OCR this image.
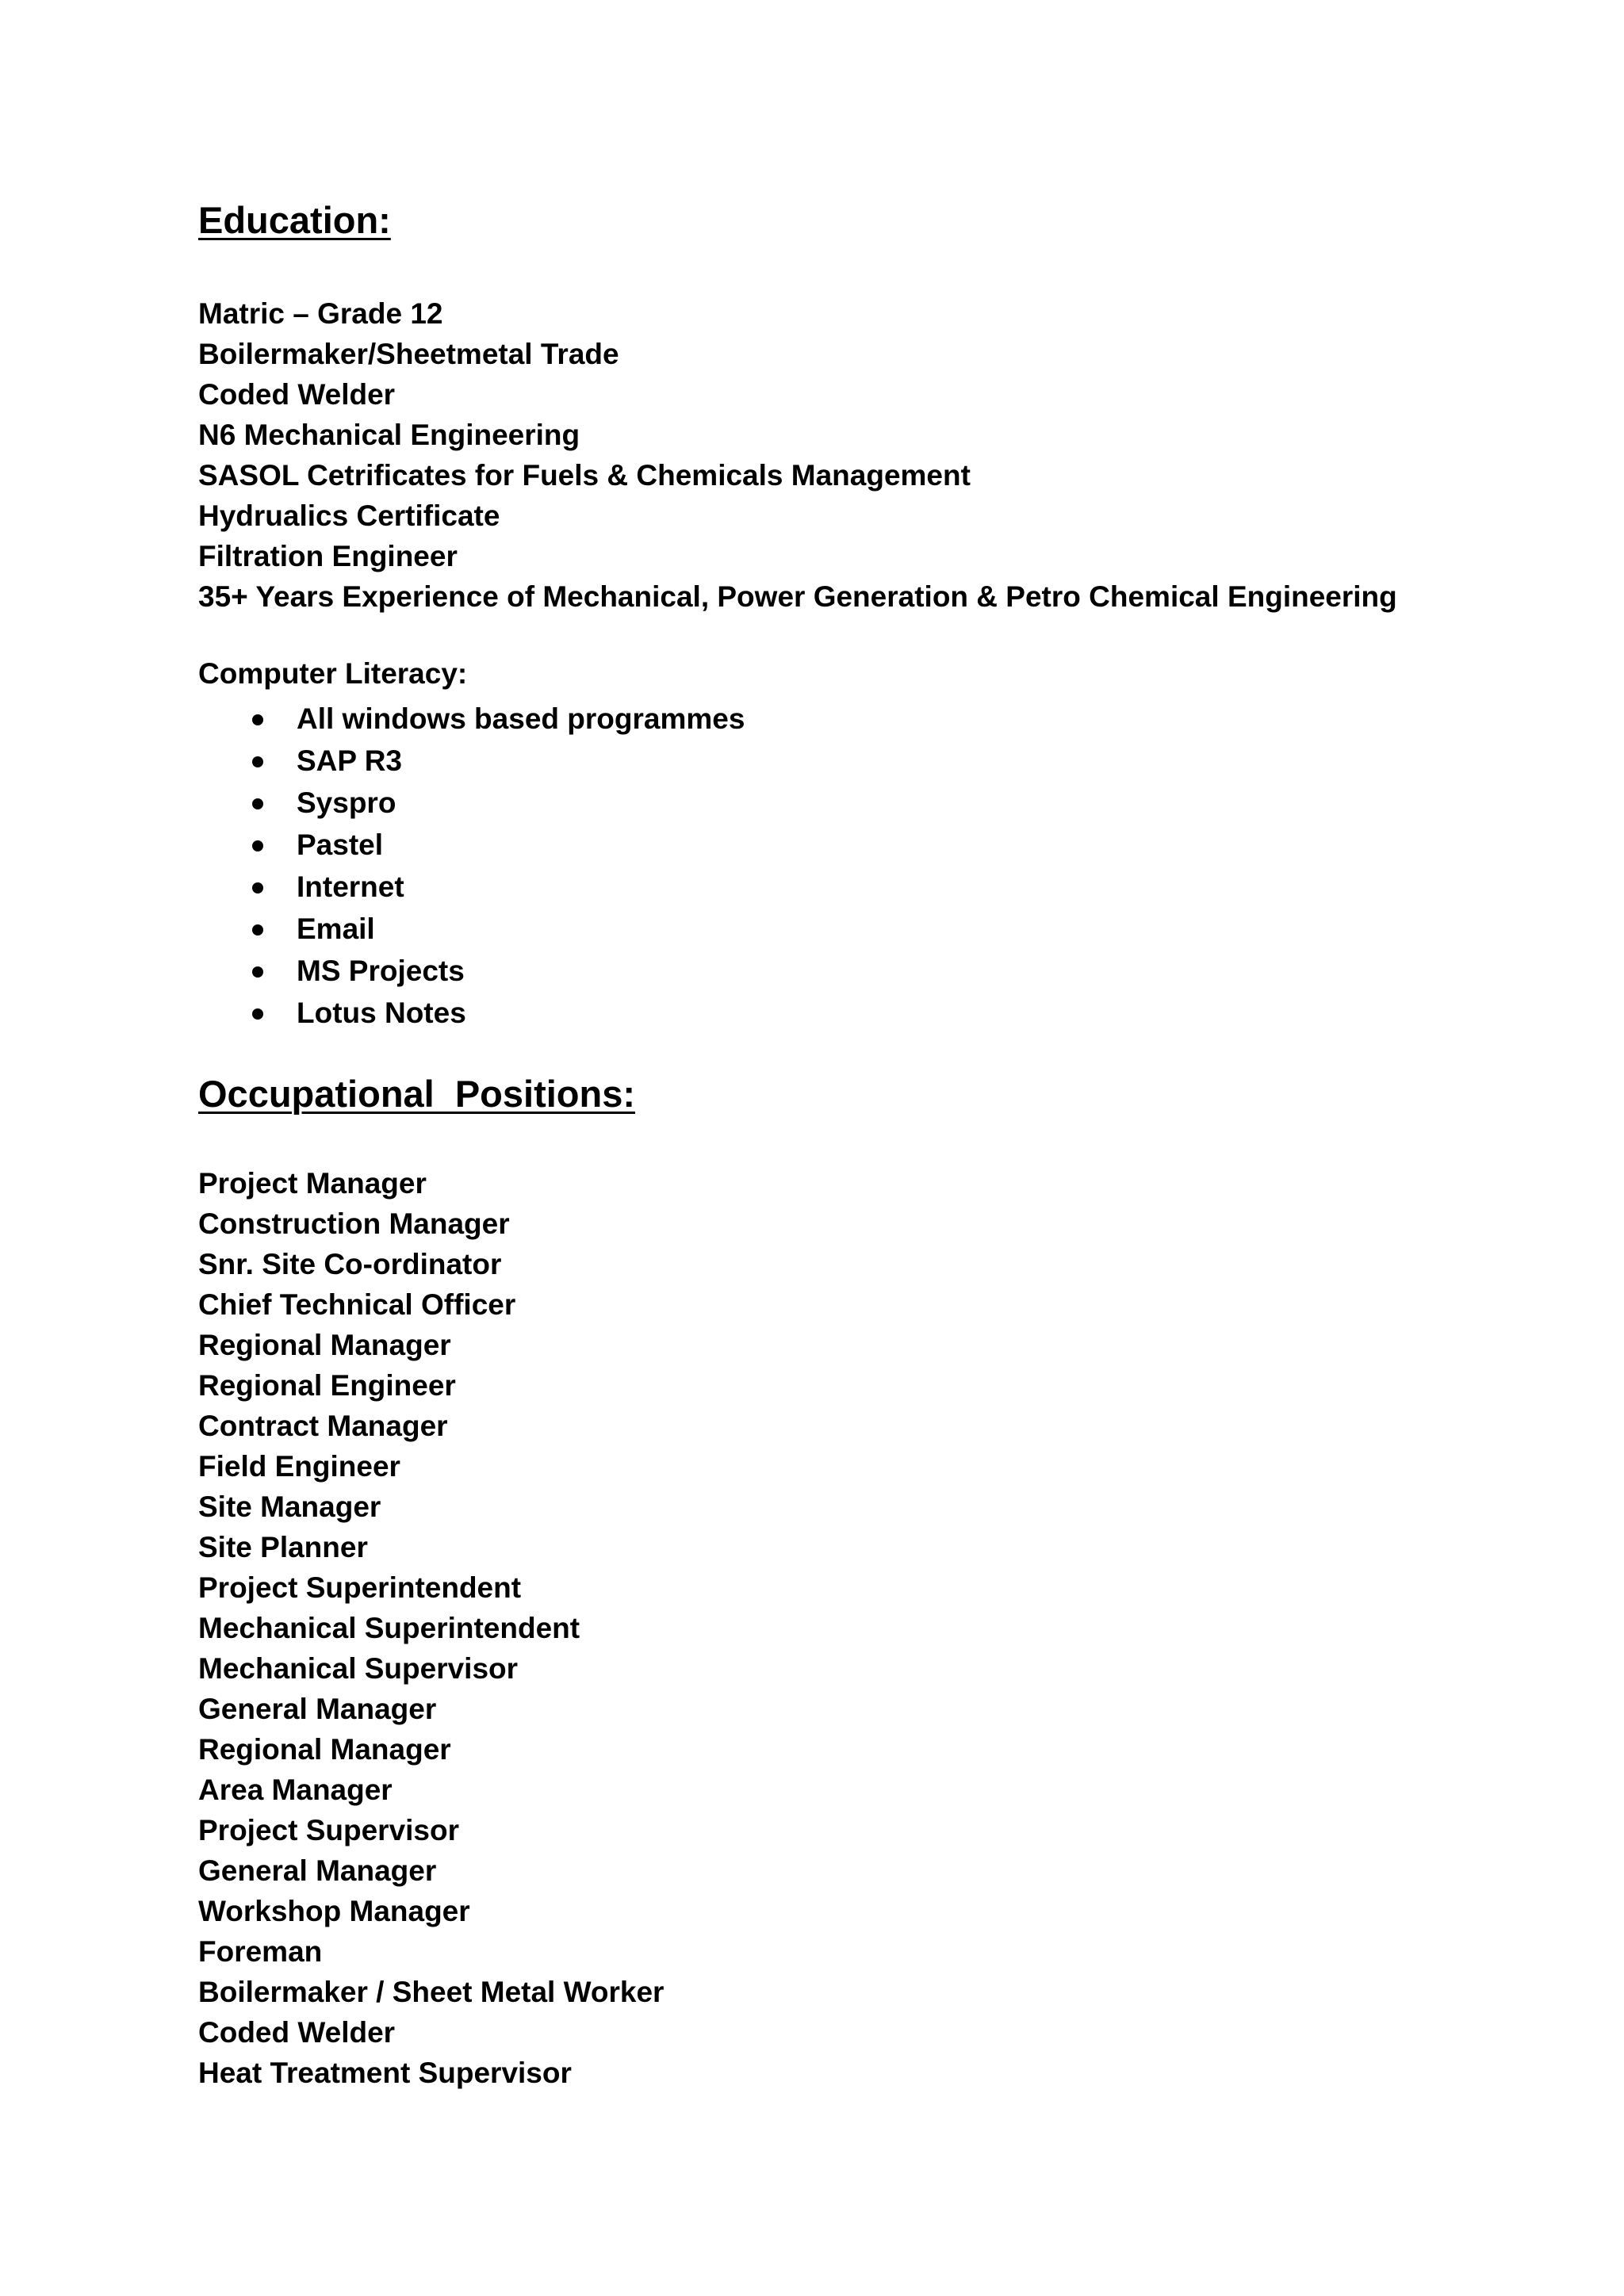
Education:
Matric – Grade 12
Boilermaker/Sheetmetal Trade
Coded Welder
N6 Mechanical Engineering
SASOL Cetrificates for Fuels & Chemicals Management
Hydrualics Certificate
Filtration Engineer
35+ Years Experience of Mechanical, Power Generation & Petro Chemical Engineering

Computer Literacy:

All windows based programmes
SAP R3
Syspro
Pastel
Internet
Email
MS Projects
Lotus Notes
Occupational  Positions:
Project Manager
Construction Manager
Snr. Site Co-ordinator
Chief Technical Officer
Regional Manager
Regional Engineer
Contract Manager
Field Engineer
Site Manager
Site Planner
Project Superintendent
Mechanical Superintendent
Mechanical Supervisor
General Manager
Regional Manager
Area Manager
Project Supervisor
General Manager
Workshop Manager
Foreman
Boilermaker / Sheet Metal Worker
Coded Welder
Heat Treatment Supervisor
